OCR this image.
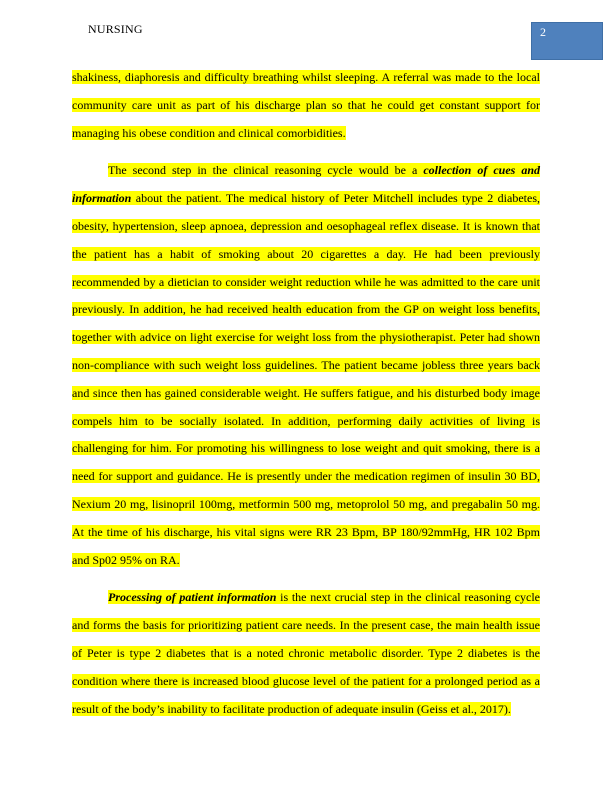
NURSING	2

shakiness, diaphoresis and difficulty breathing whilst sleeping. A referral was made to the local community care unit as part of his discharge plan so that he could get constant support for managing his obese condition and clinical comorbidities.

The second step in the clinical reasoning cycle would be a collection of cues and information about the patient. The medical history of Peter Mitchell includes type 2 diabetes, obesity, hypertension, sleep apnoea, depression and oesophageal reflex disease. It is known that the patient has a habit of smoking about 20 cigarettes a day. He had been previously recommended by a dietician to consider weight reduction while he was admitted to the care unit previously. In addition, he had received health education from the GP on weight loss benefits, together with advice on light exercise for weight loss from the physiotherapist. Peter had shown non-compliance with such weight loss guidelines. The patient became jobless three years back and since then has gained considerable weight. He suffers fatigue, and his disturbed body image compels him to be socially isolated. In addition, performing daily activities of living is challenging for him. For promoting his willingness to lose weight and quit smoking, there is a need for support and guidance. He is presently under the medication regimen of insulin 30 BD, Nexium 20 mg, lisinopril 100mg, metformin 500 mg, metoprolol 50 mg, and pregabalin 50 mg. At the time of his discharge, his vital signs were RR 23 Bpm, BP 180/92mmHg, HR 102 Bpm and Sp02 95% on RA.

Processing of patient information is the next crucial step in the clinical reasoning cycle and forms the basis for prioritizing patient care needs. In the present case, the main health issue of Peter is type 2 diabetes that is a noted chronic metabolic disorder. Type 2 diabetes is the condition where there is increased blood glucose level of the patient for a prolonged period as a result of the body’s inability to facilitate production of adequate insulin (Geiss et al., 2017).
